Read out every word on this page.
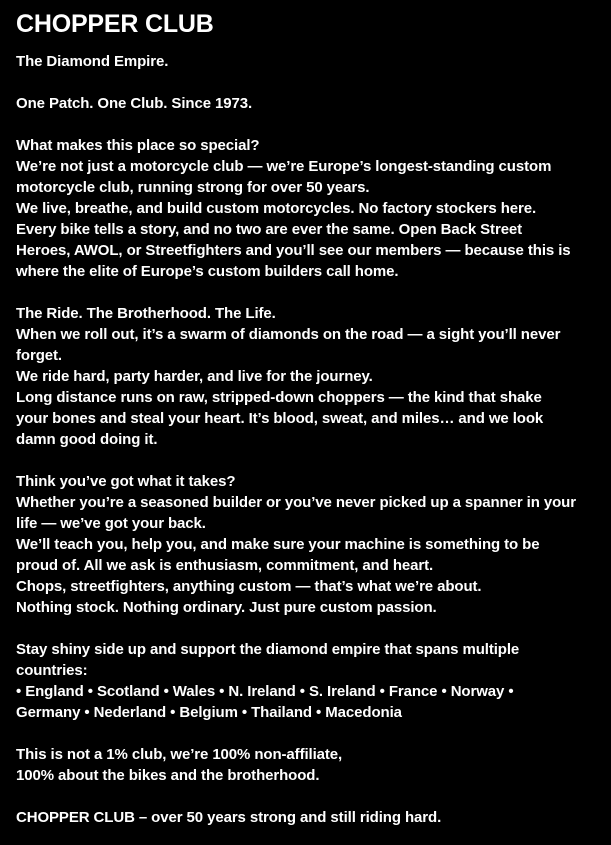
CHOPPER CLUB

The Diamond Empire.

One Patch. One Club. Since 1973.

What makes this place so special?
We’re not just a motorcycle club — we’re Europe’s longest-standing custom
motorcycle club, running strong for over 50 years.
We live, breathe, and build custom motorcycles. No factory stockers here.
Every bike tells a story, and no two are ever the same. Open Back Street
Heroes, AWOL, or Streetfighters and you’ll see our members — because this is
where the elite of Europe’s custom builders call home.

The Ride. The Brotherhood. The Life.
When we roll out, it’s a swarm of diamonds on the road — a sight you’ll never
forget.
We ride hard, party harder, and live for the journey.
Long distance runs on raw, stripped-down choppers — the kind that shake
your bones and steal your heart. It’s blood, sweat, and miles… and we look
damn good doing it.

Think you’ve got what it takes?
Whether you’re a seasoned builder or you’ve never picked up a spanner in your
life — we’ve got your back.
We’ll teach you, help you, and make sure your machine is something to be
proud of. All we ask is enthusiasm, commitment, and heart.
Chops, streetfighters, anything custom — that’s what we’re about.
Nothing stock. Nothing ordinary. Just pure custom passion.

Stay shiny side up and support the diamond empire that spans multiple
countries:
• England • Scotland • Wales • N. Ireland • S. Ireland • France • Norway •
Germany • Nederland • Belgium • Thailand • Macedonia

This is not a 1% club, we’re 100% non-affiliate,
100% about the bikes and the brotherhood.

CHOPPER CLUB – over 50 years strong and still riding hard.
